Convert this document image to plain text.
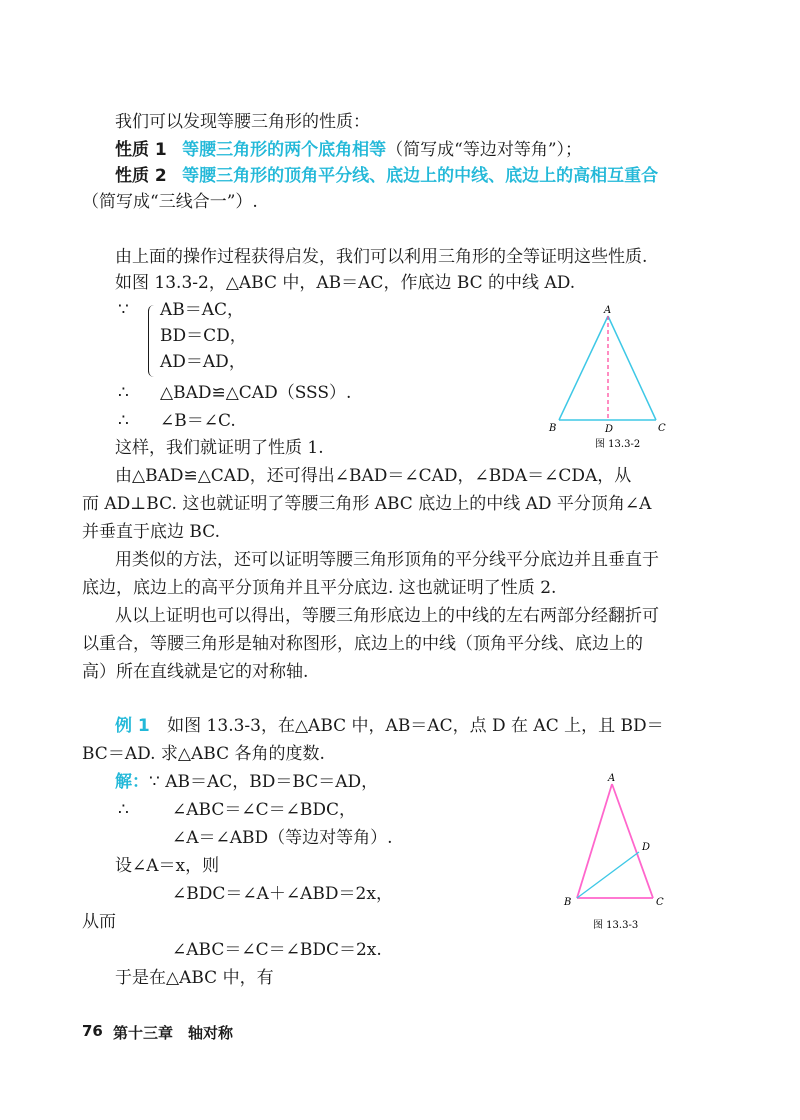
我们可以发现等腰三角形的性质：
性质 1 等腰三角形的两个底角相等（简写成“等边对等角”）；
性质 2 等腰三角形的顶角平分线、底边上的中线、底边上的高相互重合
（简写成“三线合一”）.
由上面的操作过程获得启发，我们可以利用三角形的全等证明这些性质.
如图 13.3-2，△ABC 中，AB＝AC，作底边 BC 的中线 AD.
∵ AB＝AC，
BD＝CD，
AD＝AD，
∴ △BAD≌△CAD（SSS）.
∴ ∠B＝∠C.
这样，我们就证明了性质 1.
A
B	C
D
图 13.3-2
由△BAD≌△CAD，还可得出∠BAD＝∠CAD，∠BDA＝∠CDA，从
而 AD⊥BC. 这也就证明了等腰三角形 ABC 底边上的中线 AD 平分顶角∠A
并垂直于底边 BC.
用类似的方法，还可以证明等腰三角形顶角的平分线平分底边并且垂直于
底边，底边上的高平分顶角并且平分底边. 这也就证明了性质 2.
从以上证明也可以得出，等腰三角形底边上的中线的左右两部分经翻折可
以重合，等腰三角形是轴对称图形，底边上的中线（顶角平分线、底边上的
高）所在直线就是它的对称轴.
例 1 如图 13.3-3，在△ABC 中，AB＝AC，点 D 在 AC 上，且 BD＝
BC＝AD. 求△ABC 各角的度数.
解：∵ AB＝AC，BD＝BC＝AD，
∴	∠ABC＝∠C＝∠BDC，
∠A＝∠ABD（等边对等角）.
设∠A＝x，则
∠BDC＝∠A＋∠ABD＝2x，
从而
∠ABC＝∠C＝∠BDC＝2x.
于是在△ABC 中，有
A
B	C
D
图 13.3-3
76 第十三章　轴对称
